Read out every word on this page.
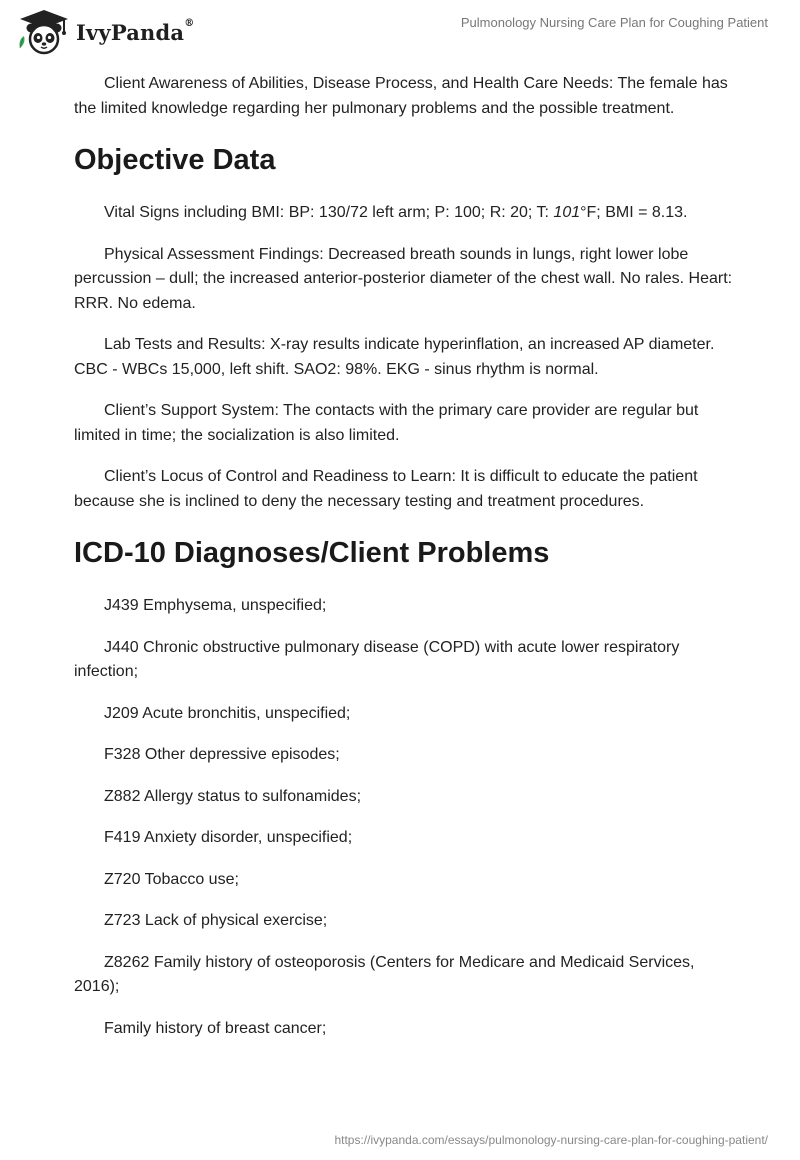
IvyPanda®	Pulmonology Nursing Care Plan for Coughing Patient

Client Awareness of Abilities, Disease Process, and Health Care Needs: The female has the limited knowledge regarding her pulmonary problems and the possible treatment.

Objective Data

Vital Signs including BMI: BP: 130/72 left arm; P: 100; R: 20; T: 101°F; BMI = 8.13.

Physical Assessment Findings: Decreased breath sounds in lungs, right lower lobe percussion – dull; the increased anterior-posterior diameter of the chest wall. No rales. Heart: RRR. No edema.

Lab Tests and Results: X-ray results indicate hyperinflation, an increased AP diameter. CBC - WBCs 15,000, left shift. SAO2: 98%. EKG - sinus rhythm is normal.

Client’s Support System: The contacts with the primary care provider are regular but limited in time; the socialization is also limited.

Client’s Locus of Control and Readiness to Learn: It is difficult to educate the patient because she is inclined to deny the necessary testing and treatment procedures.

ICD-10 Diagnoses/Client Problems

J439 Emphysema, unspecified;

J440 Chronic obstructive pulmonary disease (COPD) with acute lower respiratory infection;

J209 Acute bronchitis, unspecified;

F328 Other depressive episodes;

Z882 Allergy status to sulfonamides;

F419 Anxiety disorder, unspecified;

Z720 Tobacco use;

Z723 Lack of physical exercise;

Z8262 Family history of osteoporosis (Centers for Medicare and Medicaid Services, 2016);

Family history of breast cancer;

https://ivypanda.com/essays/pulmonology-nursing-care-plan-for-coughing-patient/
